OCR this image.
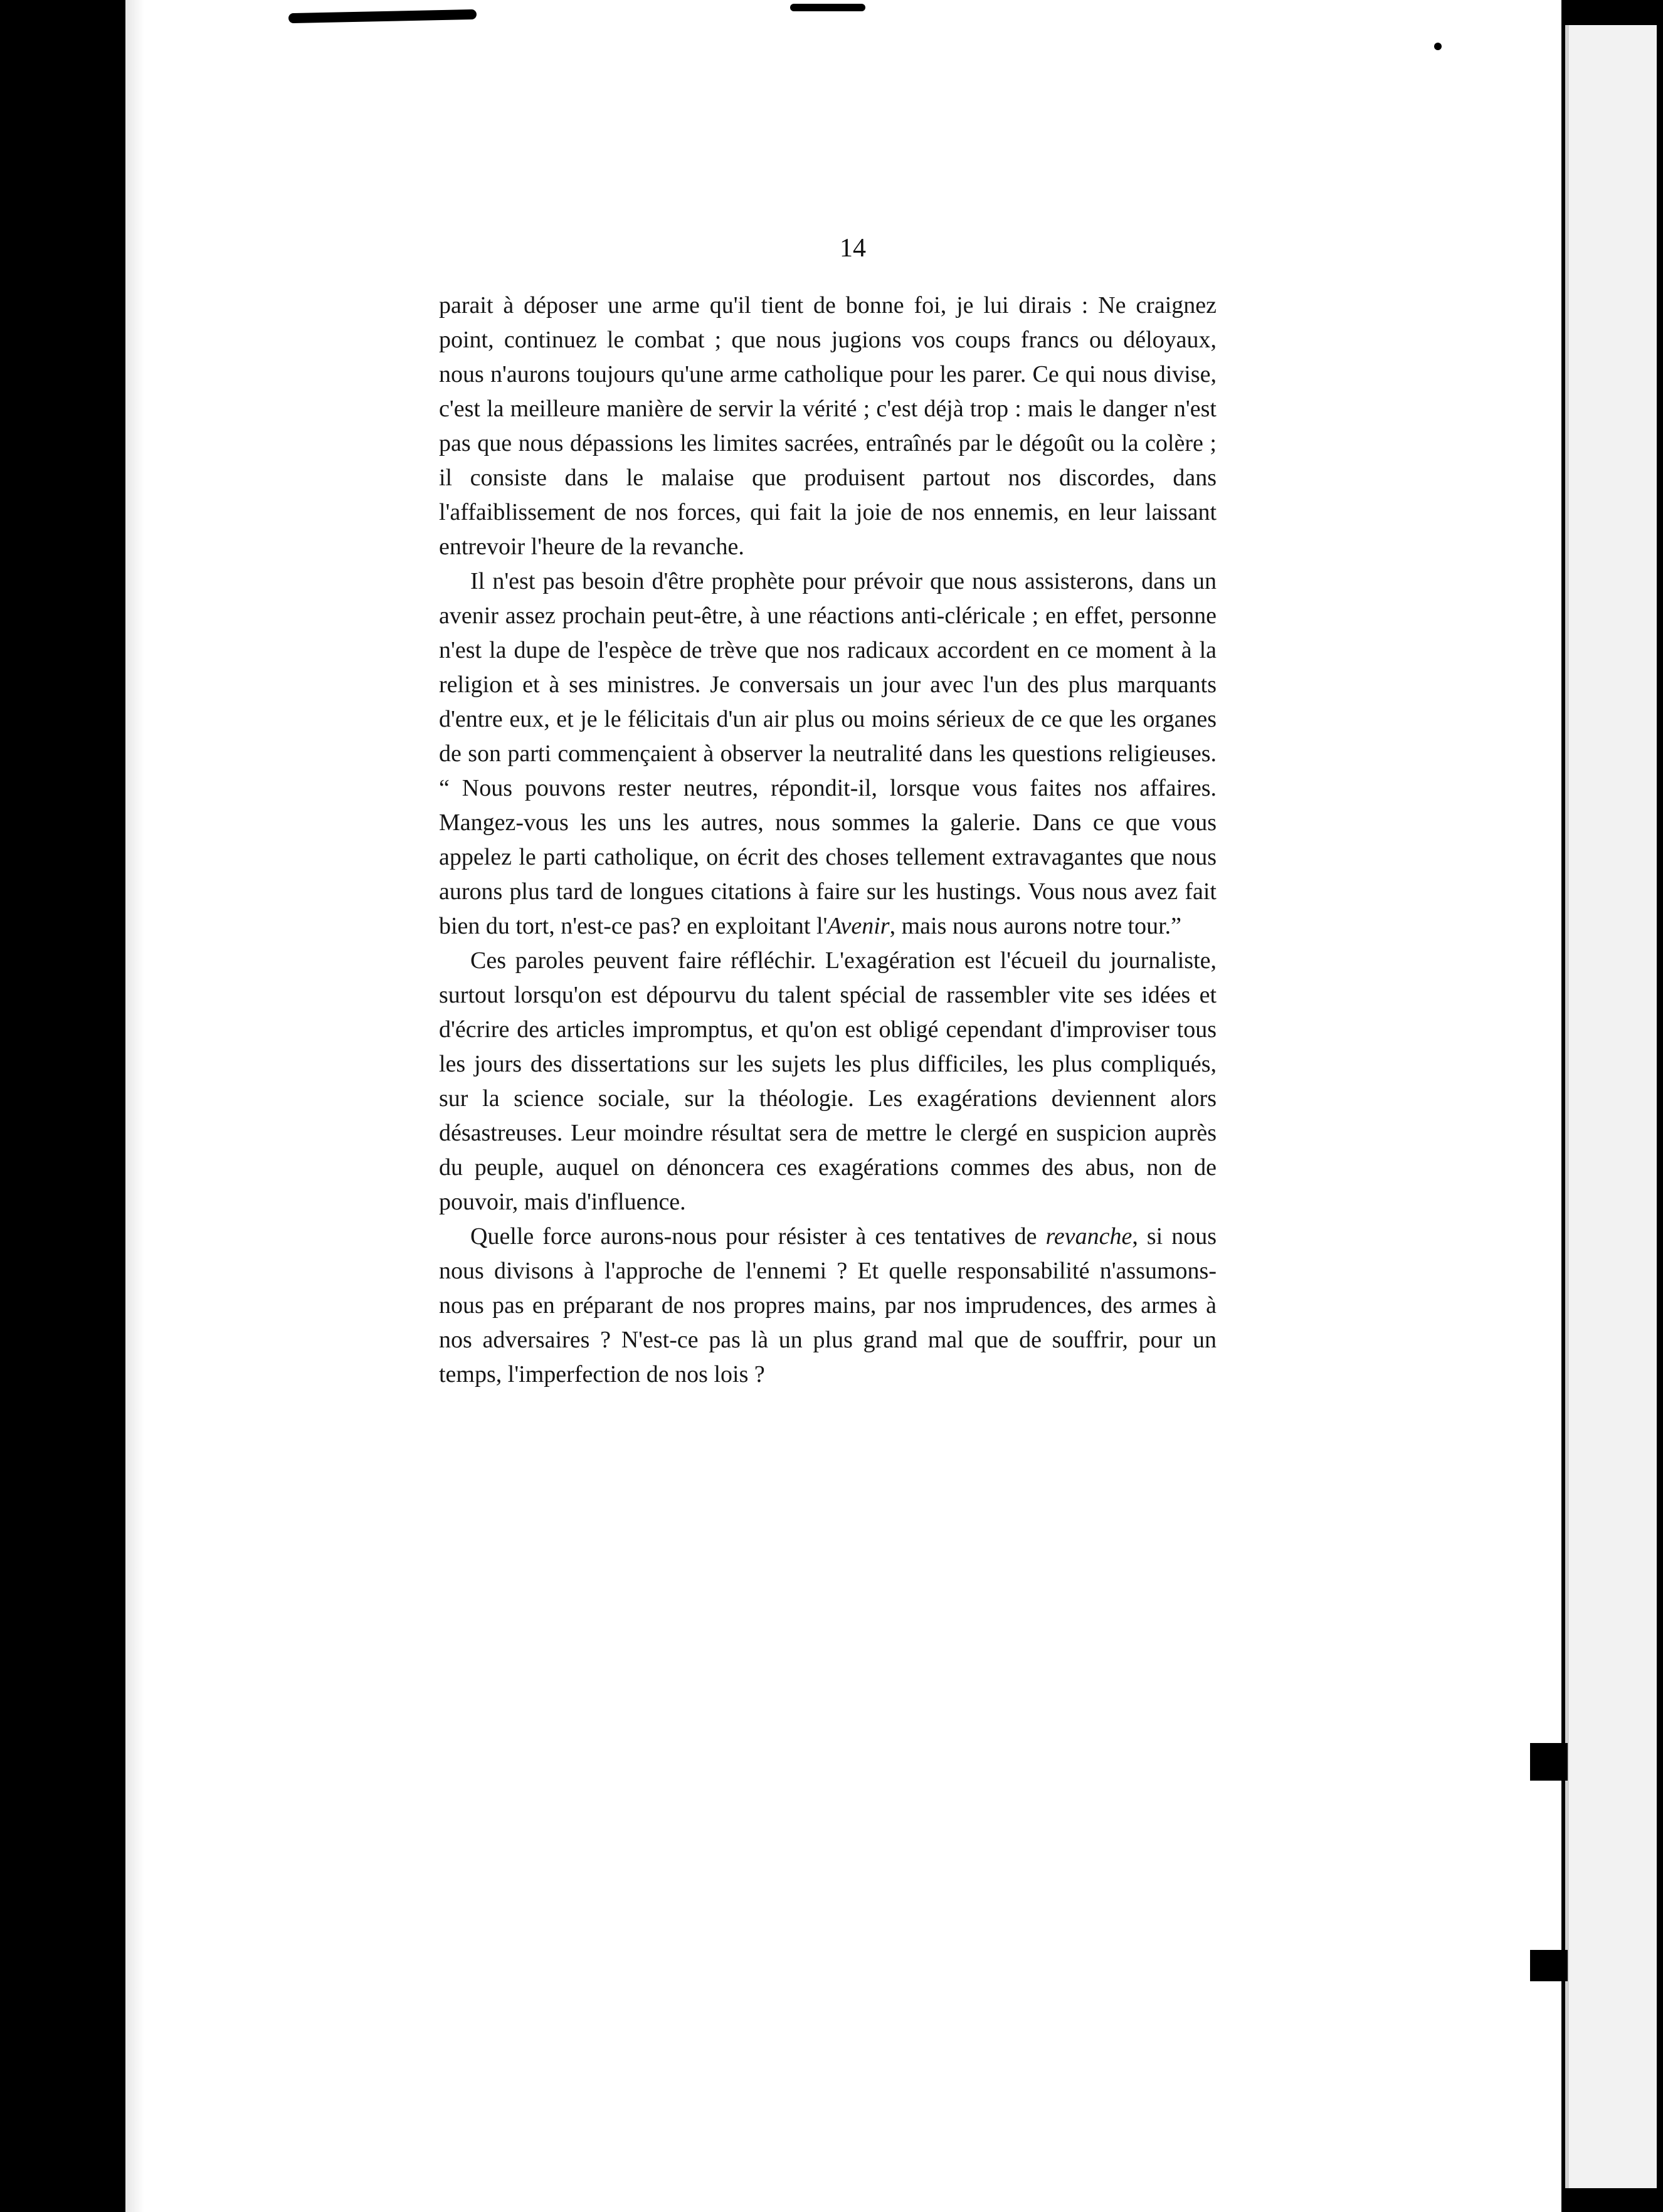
14

parait à déposer une arme qu'il tient de bonne foi, je lui dirais : Ne craignez point, continuez le combat ; que nous jugions vos coups francs ou déloyaux, nous n'aurons toujours qu'une arme catholique pour les parer. Ce qui nous divise, c'est la meilleure manière de servir la vérité ; c'est déjà trop : mais le danger n'est pas que nous dépassions les limites sacrées, entraînés par le dégoût ou la colère ; il consiste dans le malaise que produisent partout nos discordes, dans l'affaiblissement de nos forces, qui fait la joie de nos ennemis, en leur laissant entrevoir l'heure de la revanche.

Il n'est pas besoin d'être prophète pour prévoir que nous assisterons, dans un avenir assez prochain peut-être, à une réactions anti-cléricale ; en effet, personne n'est la dupe de l'espèce de trève que nos radicaux accordent en ce moment à la religion et à ses ministres. Je conversais un jour avec l'un des plus marquants d'entre eux, et je le félicitais d'un air plus ou moins sérieux de ce que les organes de son parti commençaient à observer la neutralité dans les questions religieuses. “ Nous pouvons rester neutres, répondit-il, lorsque vous faites nos affaires. Mangez-vous les uns les autres, nous sommes la galerie. Dans ce que vous appelez le parti catholique, on écrit des choses tellement extravagantes que nous aurons plus tard de longues citations à faire sur les hustings. Vous nous avez fait bien du tort, n'est-ce pas? en exploitant l'Avenir, mais nous aurons notre tour.”

Ces paroles peuvent faire réfléchir. L'exagération est l'écueil du journaliste, surtout lorsqu'on est dépourvu du talent spécial de rassembler vite ses idées et d'écrire des articles impromptus, et qu'on est obligé cependant d'improviser tous les jours des dissertations sur les sujets les plus difficiles, les plus compliqués, sur la science sociale, sur la théologie. Les exagérations deviennent alors désastreuses. Leur moindre résultat sera de mettre le clergé en suspicion auprès du peuple, auquel on dénoncera ces exagérations commes des abus, non de pouvoir, mais d'influence.

Quelle force aurons-nous pour résister à ces tentatives de revanche, si nous nous divisons à l'approche de l'ennemi ? Et quelle responsabilité n'assumons-nous pas en préparant de nos propres mains, par nos imprudences, des armes à nos adversaires ? N'est-ce pas là un plus grand mal que de souffrir, pour un temps, l'imperfection de nos lois ?
